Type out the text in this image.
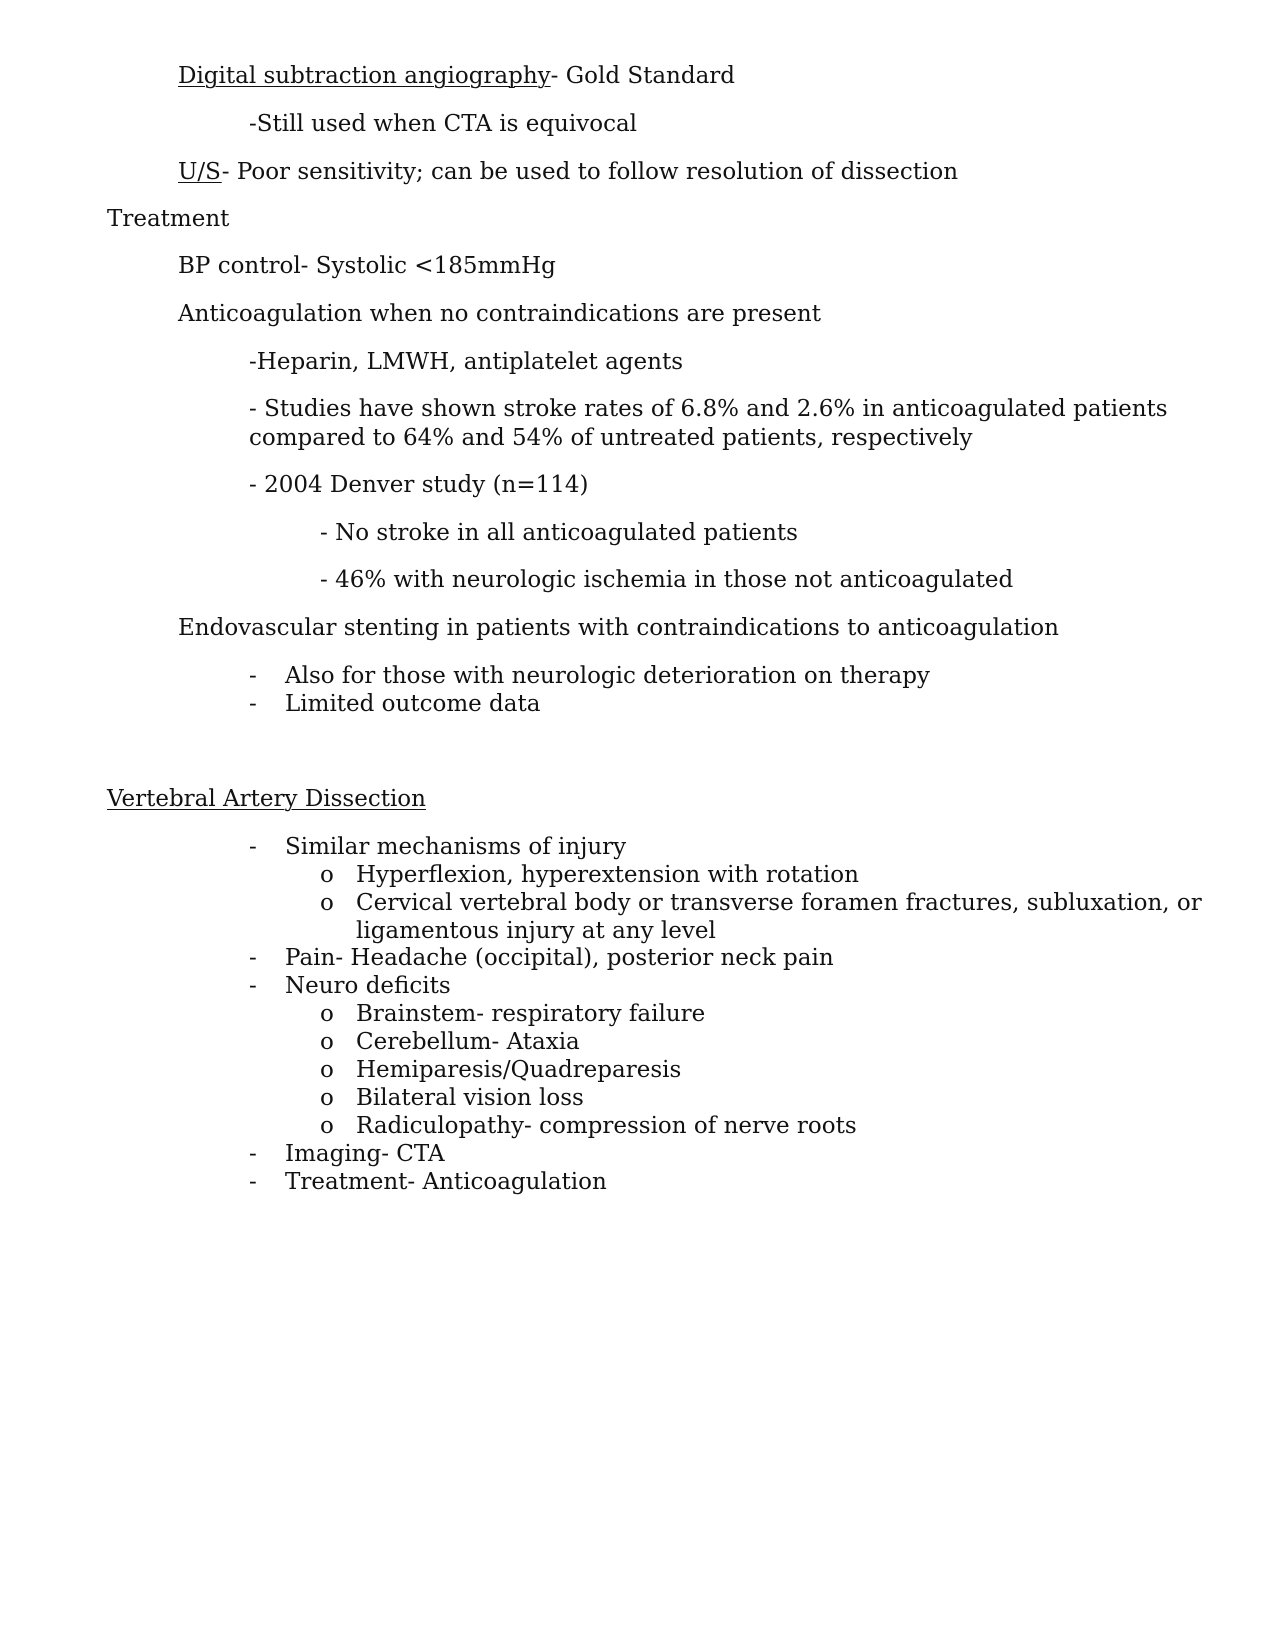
Digital subtraction angiography- Gold Standard
-Still used when CTA is equivocal
U/S- Poor sensitivity; can be used to follow resolution of dissection
Treatment
BP control- Systolic <185mmHg
Anticoagulation when no contraindications are present
-Heparin, LMWH, antiplatelet agents
- Studies have shown stroke rates of 6.8% and 2.6% in anticoagulated patients
compared to 64% and 54% of untreated patients, respectively
- 2004 Denver study (n=114)
- No stroke in all anticoagulated patients
- 46% with neurologic ischemia in those not anticoagulated
Endovascular stenting in patients with contraindications to anticoagulation
- Also for those with neurologic deterioration on therapy
- Limited outcome data
Vertebral Artery Dissection
- Similar mechanisms of injury
o Hyperflexion, hyperextension with rotation
o Cervical vertebral body or transverse foramen fractures, subluxation, or
ligamentous injury at any level
- Pain- Headache (occipital), posterior neck pain
- Neuro deficits
o Brainstem- respiratory failure
o Cerebellum- Ataxia
o Hemiparesis/Quadreparesis
o Bilateral vision loss
o Radiculopathy- compression of nerve roots
- Imaging- CTA
- Treatment- Anticoagulation
